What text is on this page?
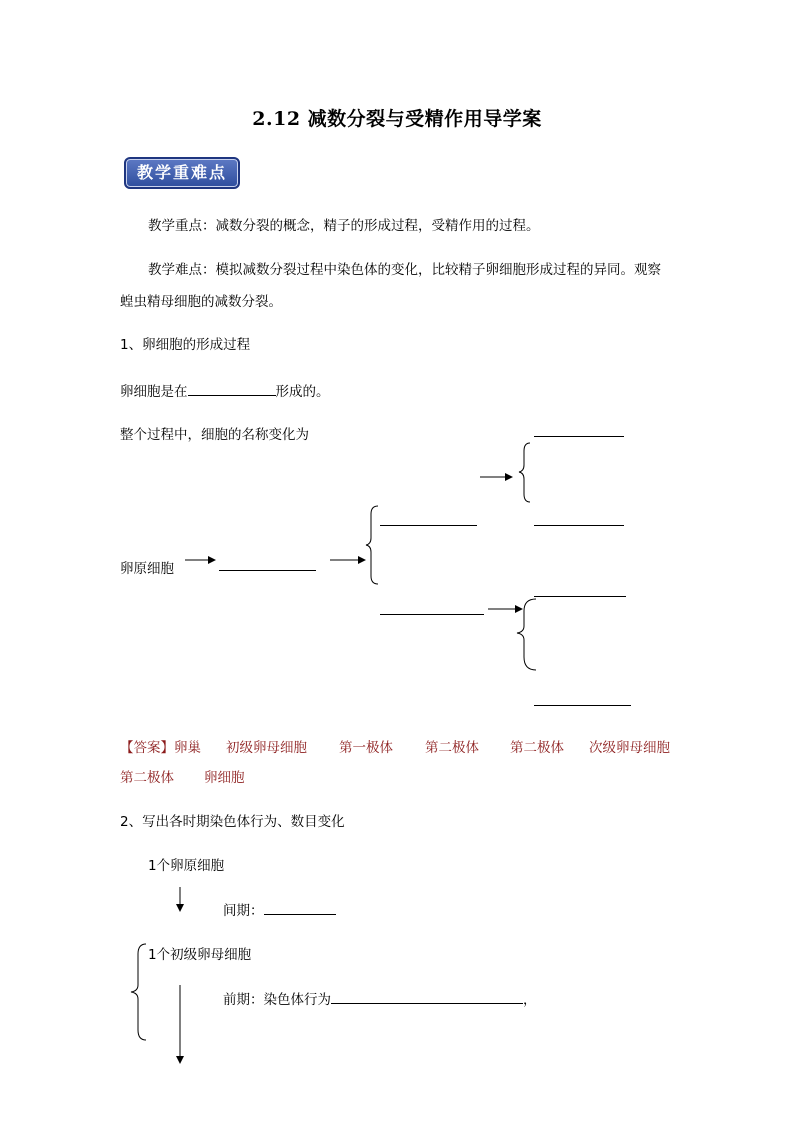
2.12 减数分裂与受精作用导学案
教学重难点
教学重点：减数分裂的概念，精子的形成过程，受精作用的过程。
教学难点：模拟减数分裂过程中染色体的变化，比较精子卵细胞形成过程的异同。观察
蝗虫精母细胞的减数分裂。
1、卵细胞的形成过程
卵细胞是在	形成的。
整个过程中，细胞的名称变化为
卵原细胞
【答案】卵巢 初级卵母细胞 第一极体 第二极体 第二极体 次级卵母细胞
第二极体 卵细胞
2、写出各时期染色体行为、数目变化
1个卵原细胞
间期：
1个初级卵母细胞
前期：染色体行为	，
